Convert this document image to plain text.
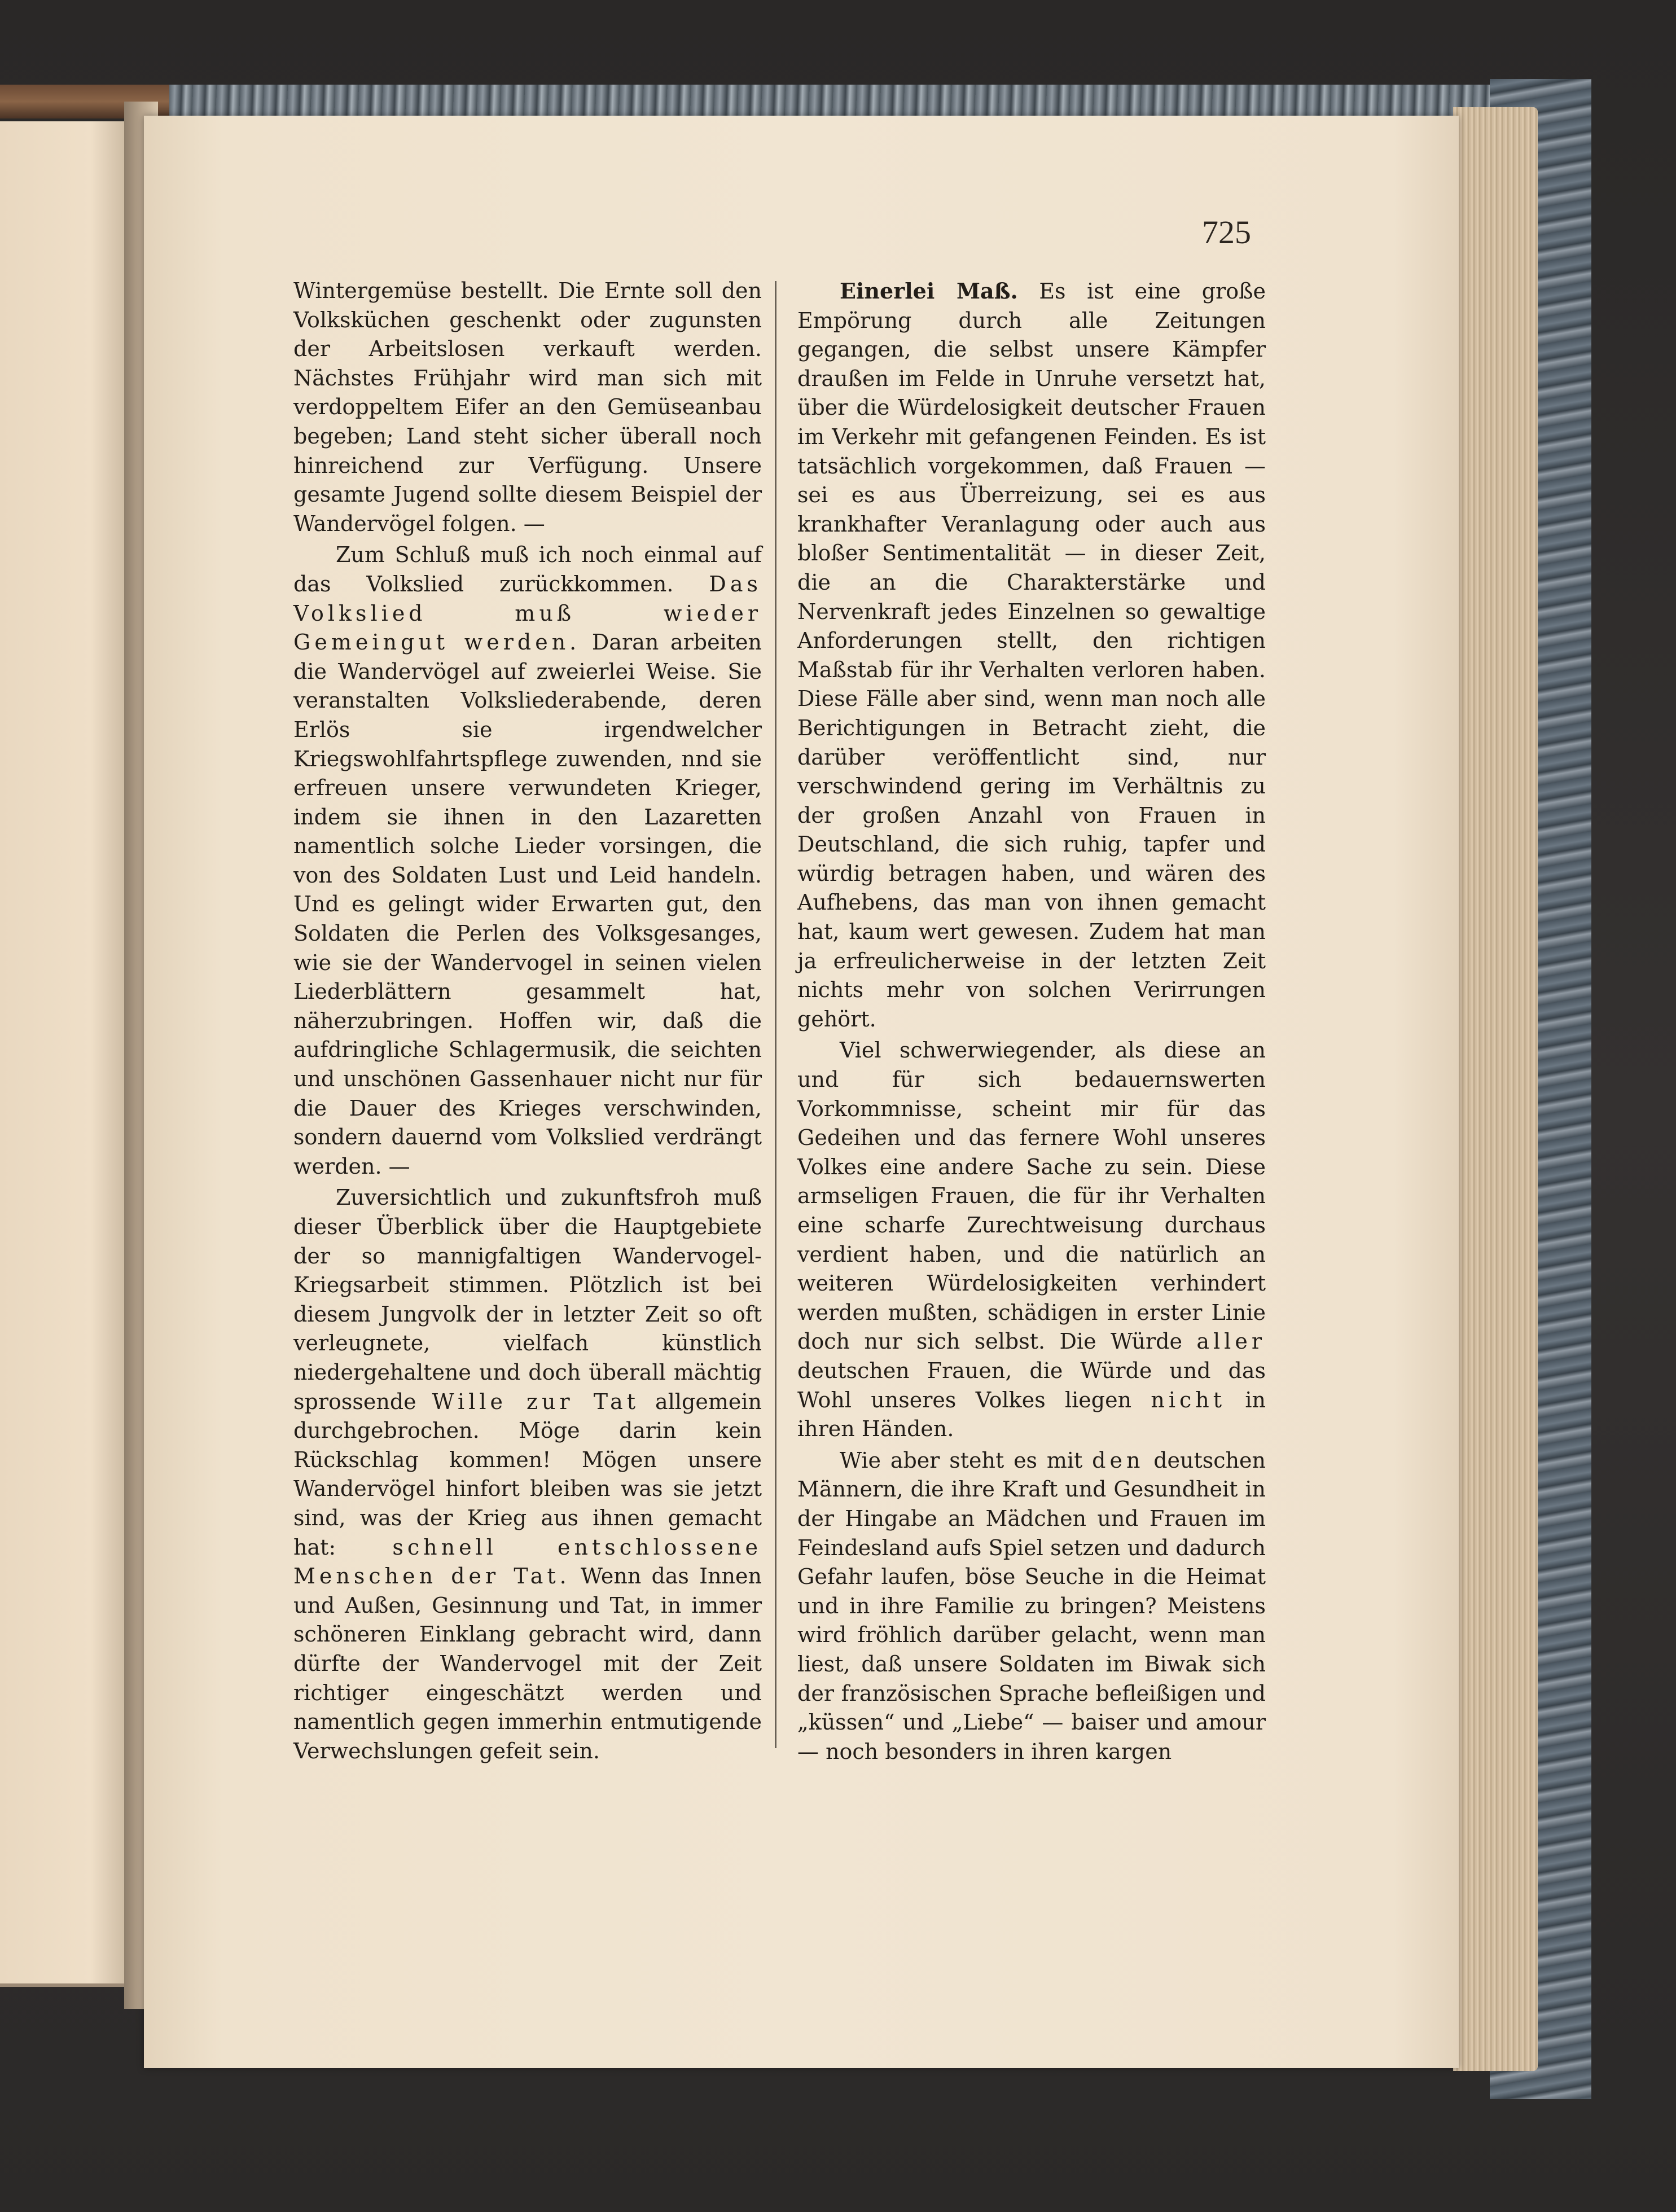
725

Wintergemüse bestellt. Die Ernte soll den Volksküchen geschenkt oder zugunsten der Arbeitslosen verkauft werden. Nächstes Frühjahr wird man sich mit verdoppeltem Eifer an den Gemüseanbau begeben; Land steht sicher überall noch hinreichend zur Verfügung. Unsere gesamte Jugend sollte diesem Beispiel der Wandervögel folgen. —

Zum Schluß muß ich noch einmal auf das Volkslied zurückkommen. Das Volkslied muß wieder Gemeingut werden. Daran arbeiten die Wandervögel auf zweierlei Weise. Sie veranstalten Volksliederabende, deren Erlös sie irgendwelcher Kriegswohlfahrtspflege zuwenden, nnd sie erfreuen unsere verwundeten Krieger, indem sie ihnen in den Lazaretten namentlich solche Lieder vorsingen, die von des Soldaten Lust und Leid handeln. Und es gelingt wider Erwarten gut, den Soldaten die Perlen des Volksgesanges, wie sie der Wandervogel in seinen vielen Liederblättern gesammelt hat, näherzubringen. Hoffen wir, daß die aufdringliche Schlagermusik, die seichten und unschönen Gassenhauer nicht nur für die Dauer des Krieges verschwinden, sondern dauernd vom Volkslied verdrängt werden. —

Zuversichtlich und zukunftsfroh muß dieser Überblick über die Hauptgebiete der so mannigfaltigen Wandervogel-Kriegsarbeit stimmen. Plötzlich ist bei diesem Jungvolk der in letzter Zeit so oft verleugnete, vielfach künstlich niedergehaltene und doch überall mächtig sprossende Wille zur Tat allgemein durchgebrochen. Möge darin kein Rückschlag kommen! Mögen unsere Wandervögel hinfort bleiben was sie jetzt sind, was der Krieg aus ihnen gemacht hat: schnell entschlossene Menschen der Tat. Wenn das Innen und Außen, Gesinnung und Tat, in immer schöneren Einklang gebracht wird, dann dürfte der Wandervogel mit der Zeit richtiger eingeschätzt werden und namentlich gegen immerhin entmutigende Verwechslungen gefeit sein.

Einerlei Maß. Es ist eine große Empörung durch alle Zeitungen gegangen, die selbst unsere Kämpfer draußen im Felde in Unruhe versetzt hat, über die Würdelosigkeit deutscher Frauen im Verkehr mit gefangenen Feinden. Es ist tatsächlich vorgekommen, daß Frauen — sei es aus Überreizung, sei es aus krankhafter Veranlagung oder auch aus bloßer Sentimentalität — in dieser Zeit, die an die Charakterstärke und Nervenkraft jedes Einzelnen so gewaltige Anforderungen stellt, den richtigen Maßstab für ihr Verhalten verloren haben. Diese Fälle aber sind, wenn man noch alle Berichtigungen in Betracht zieht, die darüber veröffentlicht sind, nur verschwindend gering im Verhältnis zu der großen Anzahl von Frauen in Deutschland, die sich ruhig, tapfer und würdig betragen haben, und wären des Aufhebens, das man von ihnen gemacht hat, kaum wert gewesen. Zudem hat man ja erfreulicherweise in der letzten Zeit nichts mehr von solchen Verirrungen gehört.

Viel schwerwiegender, als diese an und für sich bedauernswerten Vorkommnisse, scheint mir für das Gedeihen und das fernere Wohl unseres Volkes eine andere Sache zu sein. Diese armseligen Frauen, die für ihr Verhalten eine scharfe Zurechtweisung durchaus verdient haben, und die natürlich an weiteren Würdelosigkeiten verhindert werden mußten, schädigen in erster Linie doch nur sich selbst. Die Würde aller deutschen Frauen, die Würde und das Wohl unseres Volkes liegen nicht in ihren Händen.

Wie aber steht es mit den deutschen Männern, die ihre Kraft und Gesundheit in der Hingabe an Mädchen und Frauen im Feindesland aufs Spiel setzen und dadurch Gefahr laufen, böse Seuche in die Heimat und in ihre Familie zu bringen? Meistens wird fröhlich darüber gelacht, wenn man liest, daß unsere Soldaten im Biwak sich der französischen Sprache befleißigen und „küssen“ und „Liebe“ — baiser und amour — noch besonders in ihren kargen
